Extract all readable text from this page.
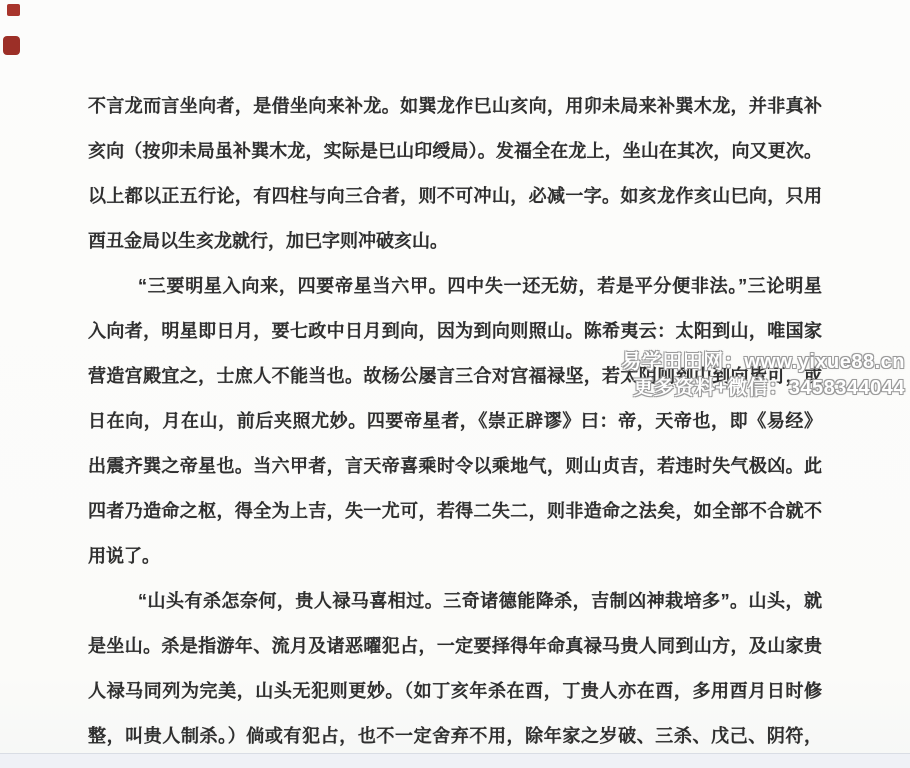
不言龙而言坐向者，是借坐向来补龙。如巽龙作巳山亥向，用卯未局来补巽木龙，并非真补
亥向（按卯未局虽补巽木龙，实际是巳山印绶局）。发福全在龙上，坐山在其次，向又更次。
以上都以正五行论，有四柱与向三合者，则不可冲山，必减一字。如亥龙作亥山巳向，只用
酉丑金局以生亥龙就行，加巳字则冲破亥山。
“三要明星入向来，四要帝星当六甲。四中失一还无妨，若是平分便非法。”三论明星
入向者，明星即日月，要七政中日月到向，因为到向则照山。陈希夷云：太阳到山，唯国家
营造宫殿宜之，士庶人不能当也。故杨公屡言三合对宫福禄坚，若太阴则到山到向皆可，或
日在向，月在山，前后夹照尤妙。四要帝星者，《崇正辟谬》曰：帝，天帝也，即《易经》
出震齐巽之帝星也。当六甲者，言天帝喜乘时令以乘地气，则山贞吉，若违时失气极凶。此
四者乃造命之枢，得全为上吉，失一尤可，若得二失二，则非造命之法矣，如全部不合就不
用说了。
“山头有杀怎奈何，贵人禄马喜相过。三奇诸德能降杀，吉制凶神栽培多”。山头，就
是坐山。杀是指游年、流月及诸恶曜犯占，一定要择得年命真禄马贵人同到山方，及山家贵
人禄马同列为完美，山头无犯则更妙。（如丁亥年杀在酉，丁贵人亦在酉，多用酉月日时修
整，叫贵人制杀。）倘或有犯占，也不一定舍弃不用，除年家之岁破、三杀、戊己、阴符，
易学田田网：www.yixue88.cn
更多资料+微信：3458344044
